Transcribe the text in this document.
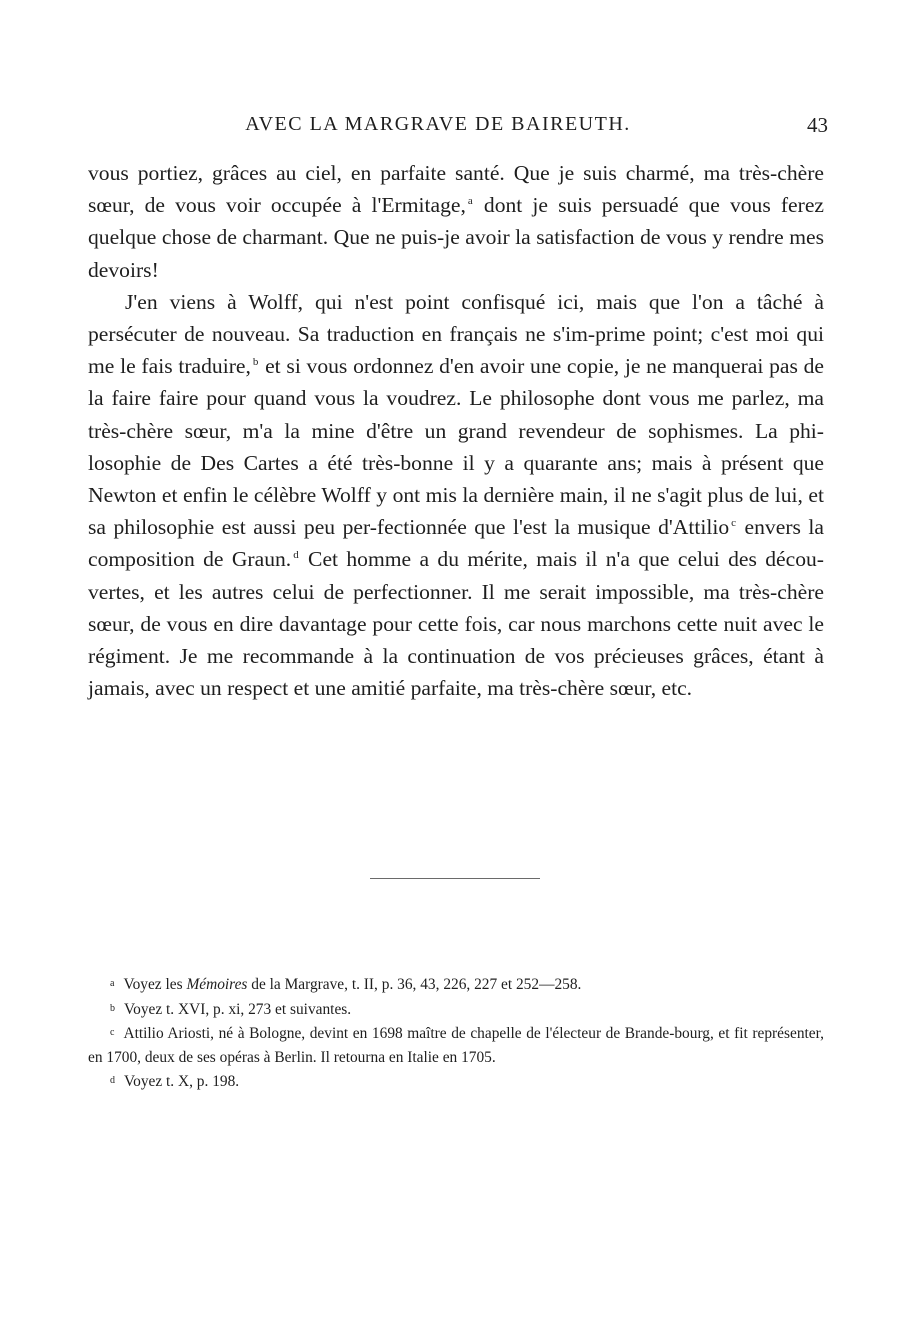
AVEC LA MARGRAVE DE BAIREUTH.	43

vous portiez, grâces au ciel, en parfaite santé. Que je suis charmé, ma très-chère sœur, de vous voir occupée à l'Ermitage, $^a$ dont je suis persuadé que vous ferez quelque chose de charmant. Que ne puis-je avoir la satisfaction de vous y rendre mes devoirs!

J'en viens à Wolff, qui n'est point confisqué ici, mais que l'on a tâché à persécuter de nouveau. Sa traduction en français ne s'im-​prime point; c'est moi qui me le fais traduire, $^b$ et si vous ordonnez d'en avoir une copie, je ne manquerai pas de la faire faire pour quand vous la voudrez. Le philosophe dont vous me parlez, ma très-chère sœur, m'a la mine d'être un grand revendeur de sophismes. La phi-​losophie de Des Cartes a été très-bonne il y a quarante ans; mais à présent que Newton et enfin le célèbre Wolff y ont mis la dernière main, il ne s'agit plus de lui, et sa philosophie est aussi peu per-​fectionnée que l'est la musique d'Attilio $^c$ envers la composition de Graun. $^d$ Cet homme a du mérite, mais il n'a que celui des décou-​vertes, et les autres celui de perfectionner. Il me serait impossible, ma très-chère sœur, de vous en dire davantage pour cette fois, car nous marchons cette nuit avec le régiment. Je me recommande à la continuation de vos précieuses grâces, étant à jamais, avec un respect et une amitié parfaite, ma très-chère sœur, etc.

a Voyez les Mémoires de la Margrave, t. II, p. 36, 43, 226, 227 et 252—258.

b Voyez t. XVI, p. xi, 273 et suivantes.

c Attilio Ariosti, né à Bologne, devint en 1698 maître de chapelle de l'électeur de Brande-​bourg, et fit représenter, en 1700, deux de ses opéras à Berlin. Il retourna en Italie en 1705.

d Voyez t. X, p. 198.
